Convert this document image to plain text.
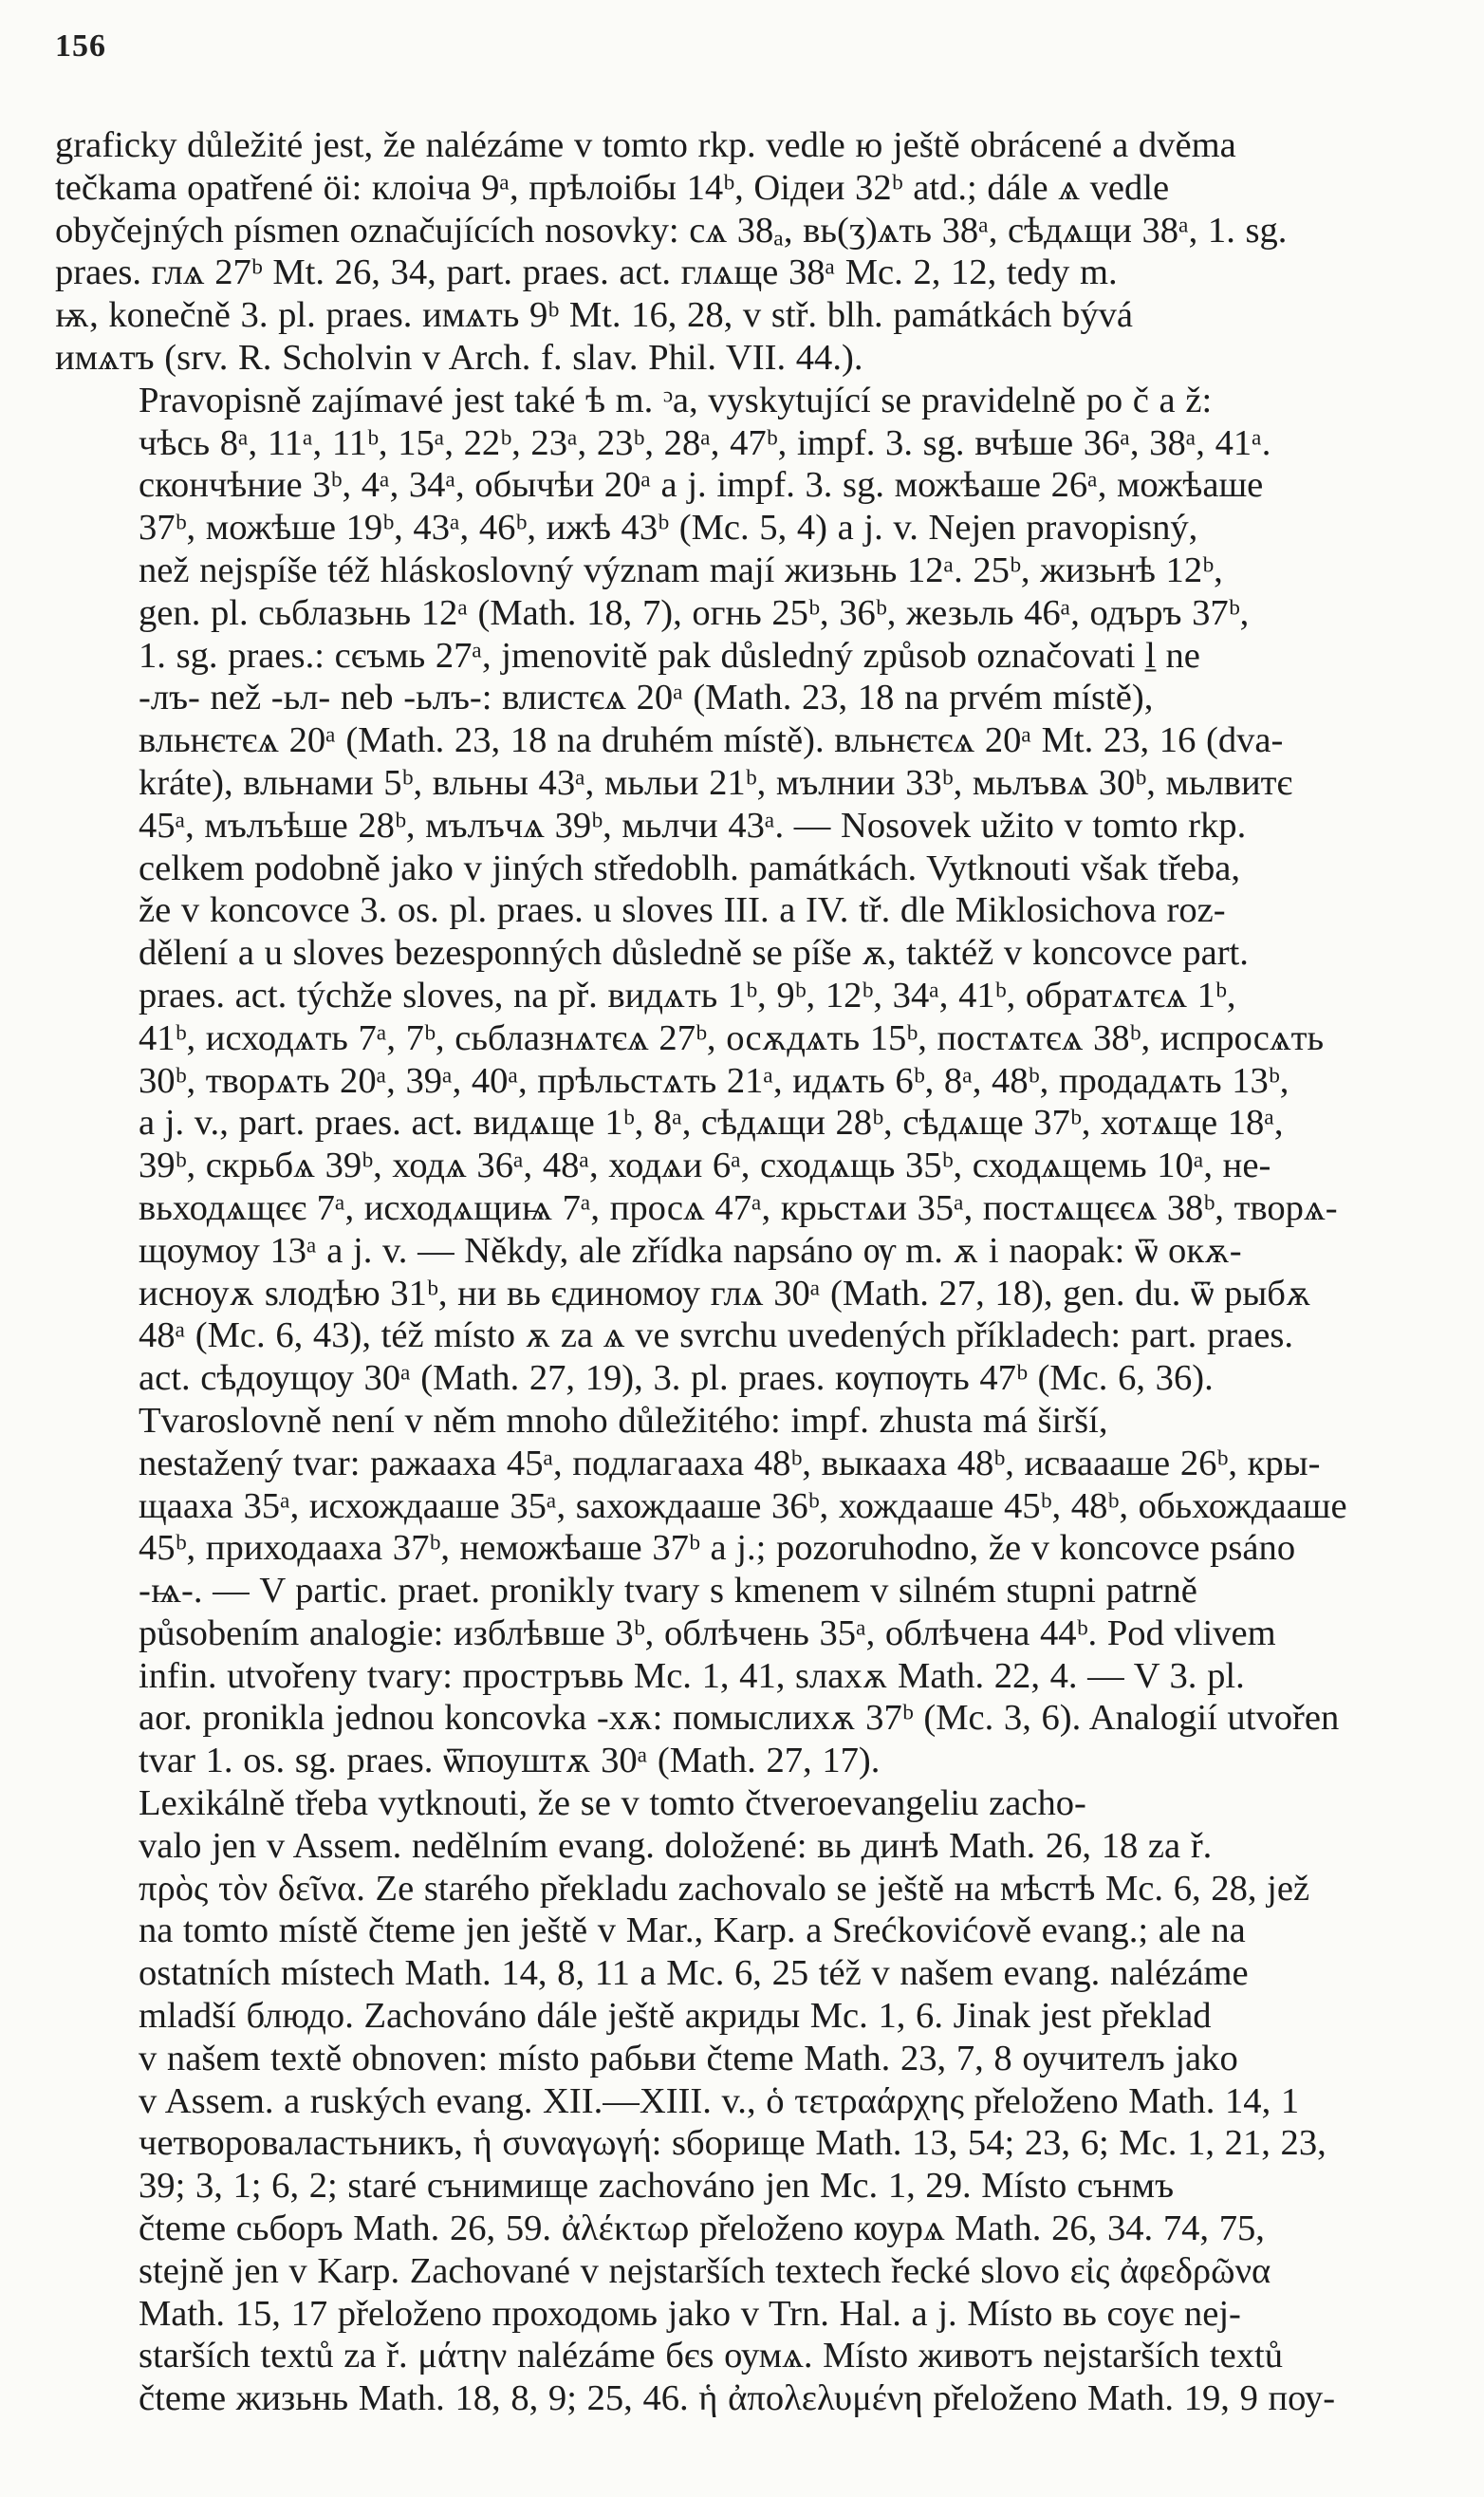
156
graficky důležité jest, že nalézáme v tomto rkp. vedle ю ještě obrácené a dvěma
tečkama opatřené ӧі: клоіча 9ᵃ, прѣлоібы 14ᵇ, Оідеи 32ᵇ atd.; dále ѧ vedle
obyčejných písmen označujících nosovky: сѧ 38ₐ, вь(ʒ)ѧть 38ᵃ, сѣдѧщи 38ᵃ, 1. sg.
praes. глѧ 27ᵇ Mt. 26, 34, part. praes. act. глѧще 38ᵃ Mc. 2, 12, tedy m.
ѭ, konečně 3. pl. praes. имѧть 9ᵇ Mt. 16, 28, v stř. blh. památkách bývá
имѧтъ (srv. R. Scholvin v Arch. f. slav. Phil. VII. 44.).
Pravopisně zajímavé jest také ѣ m. ᵓa, vyskytující se pravidelně po č a ž:
чѣсь 8ᵃ, 11ᵃ, 11ᵇ, 15ᵃ, 22ᵇ, 23ᵃ, 23ᵇ, 28ᵃ, 47ᵇ, impf. 3. sg. вчѣше 36ᵃ, 38ᵃ, 41ᵃ.
скончѣние 3ᵇ, 4ᵃ, 34ᵃ, обычѣи 20ᵃ a j. impf. 3. sg. можѣаше 26ᵃ, можѣаше
37ᵇ, можѣше 19ᵇ, 43ᵃ, 46ᵇ, ижѣ 43ᵇ (Mc. 5, 4) a j. v. Nejen pravopisný,
než nejspíše též hláskoslovný význam mají жизьнь 12ᵃ. 25ᵇ, жизьнѣ 12ᵇ,
gen. pl. сьблазьнь 12ᵃ (Math. 18, 7), огнь 25ᵇ, 36ᵇ, жезьль 46ᵃ, одъръ 37ᵇ,
1. sg. praes.: сєъмь 27ᵃ, jmenovitě pak důsledný způsob označovati ḻ ne
-лъ- než -ьл- neb -ьлъ-: влистєѧ 20ᵃ (Math. 23, 18 na prvém místě),
вльнєтєѧ 20ᵃ (Math. 23, 18 na druhém místě). вльнєтєѧ 20ᵃ Mt. 23, 16 (dva-
kráte), вльнами 5ᵇ, вльны 43ᵃ, мьльи 21ᵇ, мълнии 33ᵇ, мьлъвѧ 30ᵇ, мьлвитє
45ᵃ, мълъѣше 28ᵇ, мълъчѧ 39ᵇ, мьлчи 43ᵃ. — Nosovek užito v tomto rkp.
celkem podobně jako v jiných středoblh. památkách. Vytknouti však třeba,
že v koncovce 3. os. pl. praes. u sloves III. a IV. tř. dle Miklosichova roz-
dělení a u sloves bezesponných důsledně se píše ѫ, taktéž v koncovce part.
praes. act. týchže sloves, na př. видѧть 1ᵇ, 9ᵇ, 12ᵇ, 34ᵃ, 41ᵇ, обратѧтєѧ 1ᵇ,
41ᵇ, исходѧть 7ᵃ, 7ᵇ, сьблазнѧтєѧ 27ᵇ, осѫдѧть 15ᵇ, постѧтєѧ 38ᵇ, испросѧть
30ᵇ, творѧть 20ᵃ, 39ᵃ, 40ᵃ, прѣльстѧть 21ᵃ, идѧть 6ᵇ, 8ᵃ, 48ᵇ, продадѧть 13ᵇ,
a j. v., part. praes. act. видѧще 1ᵇ, 8ᵃ, сѣдѧщи 28ᵇ, сѣдѧще 37ᵇ, хотѧще 18ᵃ,
39ᵇ, скрьбѧ 39ᵇ, ходѧ 36ᵃ, 48ᵃ, ходѧи 6ᵃ, сходѧщь 35ᵇ, сходѧщемь 10ᵃ, не-
вьходѧщєє 7ᵃ, исходѧщиѩ 7ᵃ, просѧ 47ᵃ, крьстѧи 35ᵃ, постѧщєєѧ 38ᵇ, творѧ-
щоумоу 13ᵃ a j. v. — Někdy, ale zřídka napsáno ѹ m. ѫ i naopak: ѿ окѫ-
исноуѫ ѕлодѣю 31ᵇ, ни вь єдиномоу глѧ 30ᵃ (Math. 27, 18), gen. du. ѿ рыбѫ
48ᵃ (Mc. 6, 43), též místo ѫ za ѧ ve svrchu uvedených příkladech: part. praes.
act. сѣдоущоу 30ᵃ (Math. 27, 19), 3. pl. praes. кѹпѹть 47ᵇ (Mc. 6, 36).
Tvaroslovně není v něm mnoho důležitého: impf. zhusta má širší,
nestažený tvar: ражааха 45ᵃ, подлагааха 48ᵇ, выкааха 48ᵇ, исваааше 26ᵇ, кры-
щааха 35ᵃ, исхождааше 35ᵃ, ѕахождааше 36ᵇ, хождааше 45ᵇ, 48ᵇ, обьхождааше
45ᵇ, приходааха 37ᵇ, неможѣаше 37ᵇ a j.; pozoruhodno, že v koncovce psáno
-ѩ-. — V partic. praet. pronikly tvary s kmenem v silném stupni patrně
působením analogie: изблѣвше 3ᵇ, облѣчень 35ᵃ, облѣчена 44ᵇ. Pod vlivem
infin. utvořeny tvary: простръвь Mc. 1, 41, ѕлахѫ Math. 22, 4. — V 3. pl.
aor. pronikla jednou koncovka -хѫ: помыслихѫ 37ᵇ (Mc. 3, 6). Analogií utvořen
tvar 1. os. sg. praes. ѿпоуштѫ 30ᵃ (Math. 27, 17).
Lexikálně třeba vytknouti, že se v tomto čtveroevangeliu zacho-
valo jen v Assem. nedělním evang. doložené: вь динѣ Math. 26, 18 za ř.
πρὸς τὸν δεῖνα. Ze starého překladu zachovalo se ještě на мѣстѣ Mc. 6, 28, jež
na tomto místě čteme jen ještě v Mar., Karp. a Srećkovićově evang.; ale na
ostatních místech Math. 14, 8, 11 a Mc. 6, 25 též v našem evang. nalézáme
mladší блюдо. Zachováno dále ještě акриды Mc. 1, 6. Jinak jest překlad
v našem textě obnoven: místo рабьви čteme Math. 23, 7, 8 оучителъ jako
v Assem. a ruských evang. XII.—XIII. v., ὁ τετραάρχης přeloženo Math. 14, 1
четвороваластьникъ, ἡ συναγωγή: ѕборище Math. 13, 54; 23, 6; Mc. 1, 21, 23,
39; 3, 1; 6, 2; staré сънимище zachováno jen Mc. 1, 29. Místo сънмъ
čteme сьборъ Math. 26, 59. ἀλέκτωρ přeloženo коурѧ Math. 26, 34. 74, 75,
stejně jen v Karp. Zachované v nejstarších textech řecké slovo εἰς ἀφεδρῶνα
Math. 15, 17 přeloženo проходомь jako v Trn. Hal. a j. Místo вь соує nej-
starších textů za ř. μάτην nalézáme бєѕ оумѧ. Místo животъ nejstarších textů
čteme жизьнь Math. 18, 8, 9; 25, 46. ἡ ἀπολελυμένη přeloženo Math. 19, 9 поу-
